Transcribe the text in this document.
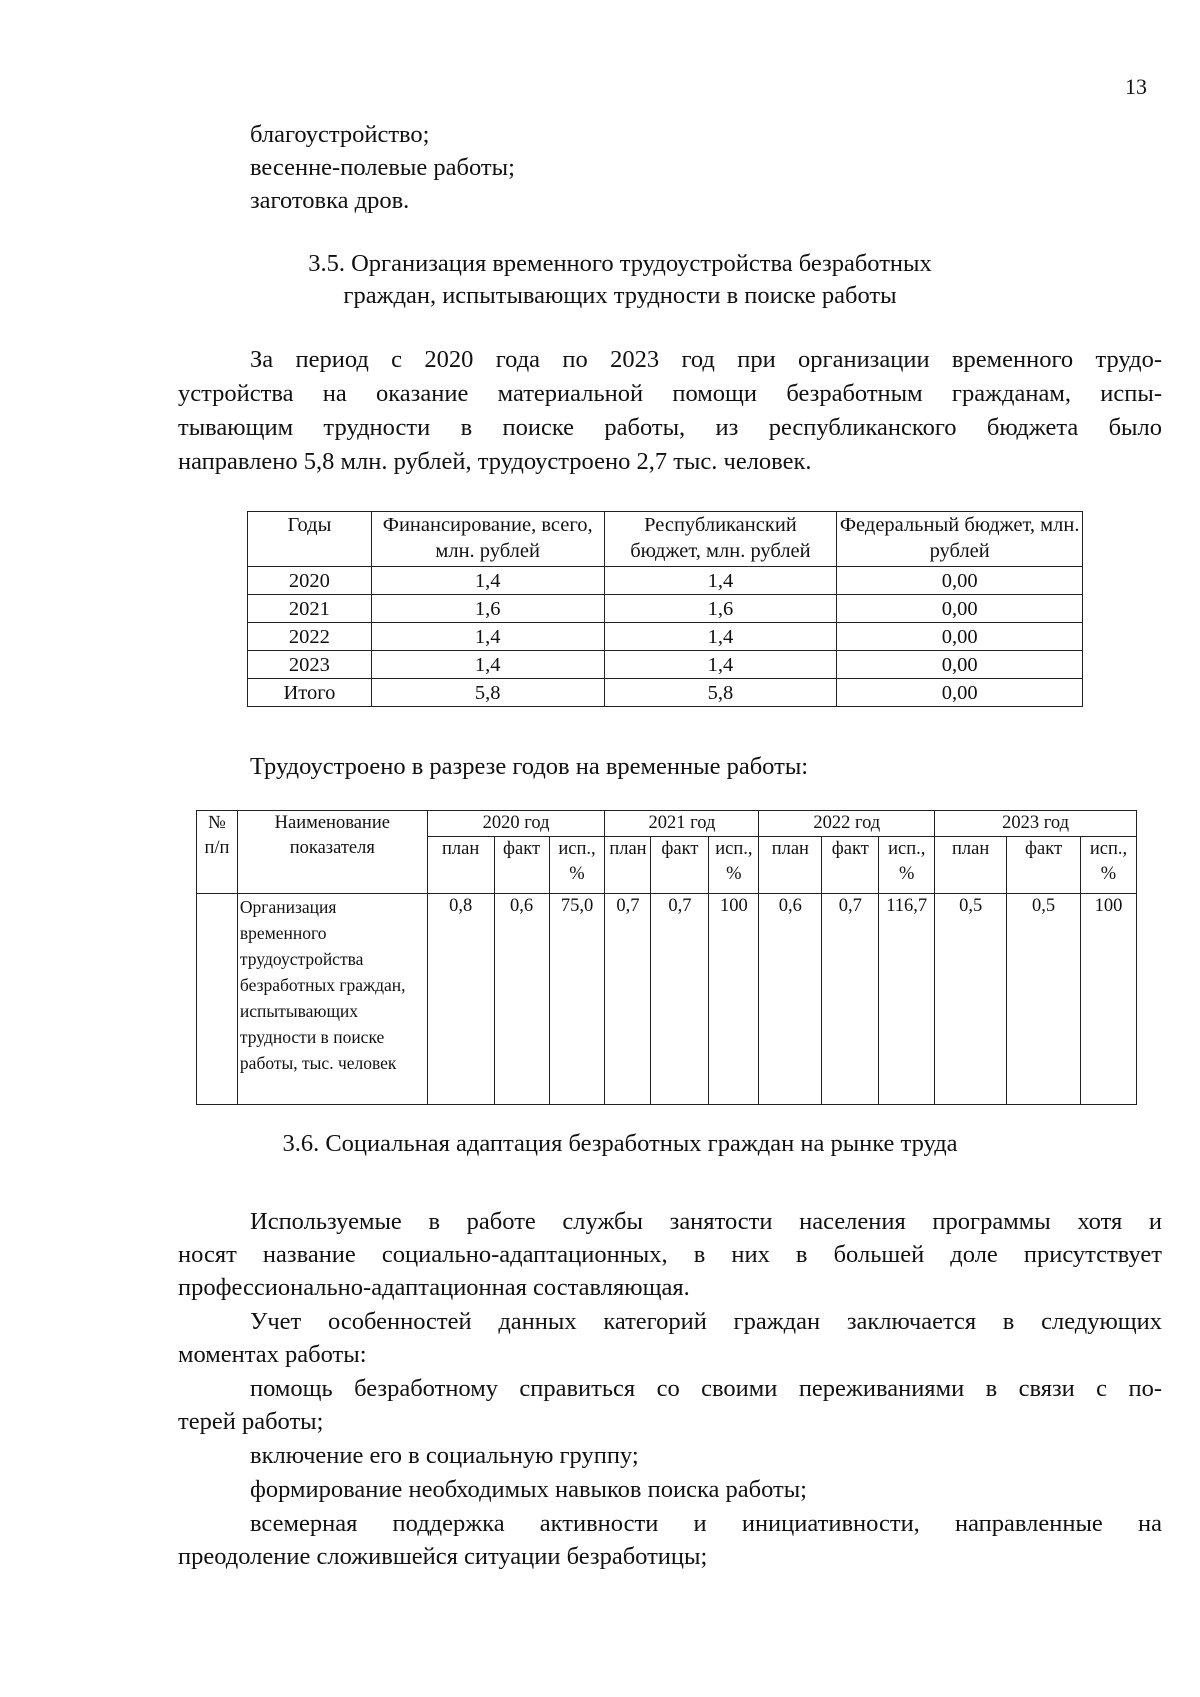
13
благоустройство;
весенне-полевые работы;
заготовка дров.
3.5. Организация временного трудоустройства безработных
граждан, испытывающих трудности в поиске работы
За период с 2020 года по 2023 год при организации временного трудо-
устройства на оказание материальной помощи безработным гражданам, испы-
тывающим трудности в поиске работы, из республиканского бюджета было
направлено 5,8 млн. рублей, трудоустроено 2,7 тыс. человек.
Годы	Финансирование, всего, млн. рублей	Республиканский бюджет, млн. рублей	Федеральный бюджет, млн. рублей
2020	1,4	1,4	0,00
2021	1,6	1,6	0,00
2022	1,4	1,4	0,00
2023	1,4	1,4	0,00
Итого	5,8	5,8	0,00
Трудоустроено в разрезе годов на временные работы:
№ п/п	Наименование показателя	2020 год			2021 год			2022 год			2023 год		
		план	факт	исп., %	план	факт	исп., %	план	факт	исп., %	план	факт	исп., %
	Организация временного трудоустройства безработных граждан, испытывающих трудности в поиске работы, тыс. человек	0,8	0,6	75,0	0,7	0,7	100	0,6	0,7	116,7	0,5	0,5	100
3.6. Социальная адаптация безработных граждан на рынке труда
Используемые в работе службы занятости населения программы хотя и
носят название социально-адаптационных, в них в большей доле присутствует
профессионально-адаптационная составляющая.
Учет особенностей данных категорий граждан заключается в следующих
моментах работы:
помощь безработному справиться со своими переживаниями в связи с по-
терей работы;
включение его в социальную группу;
формирование необходимых навыков поиска работы;
всемерная поддержка активности и инициативности, направленные на
преодоление сложившейся ситуации безработицы;
